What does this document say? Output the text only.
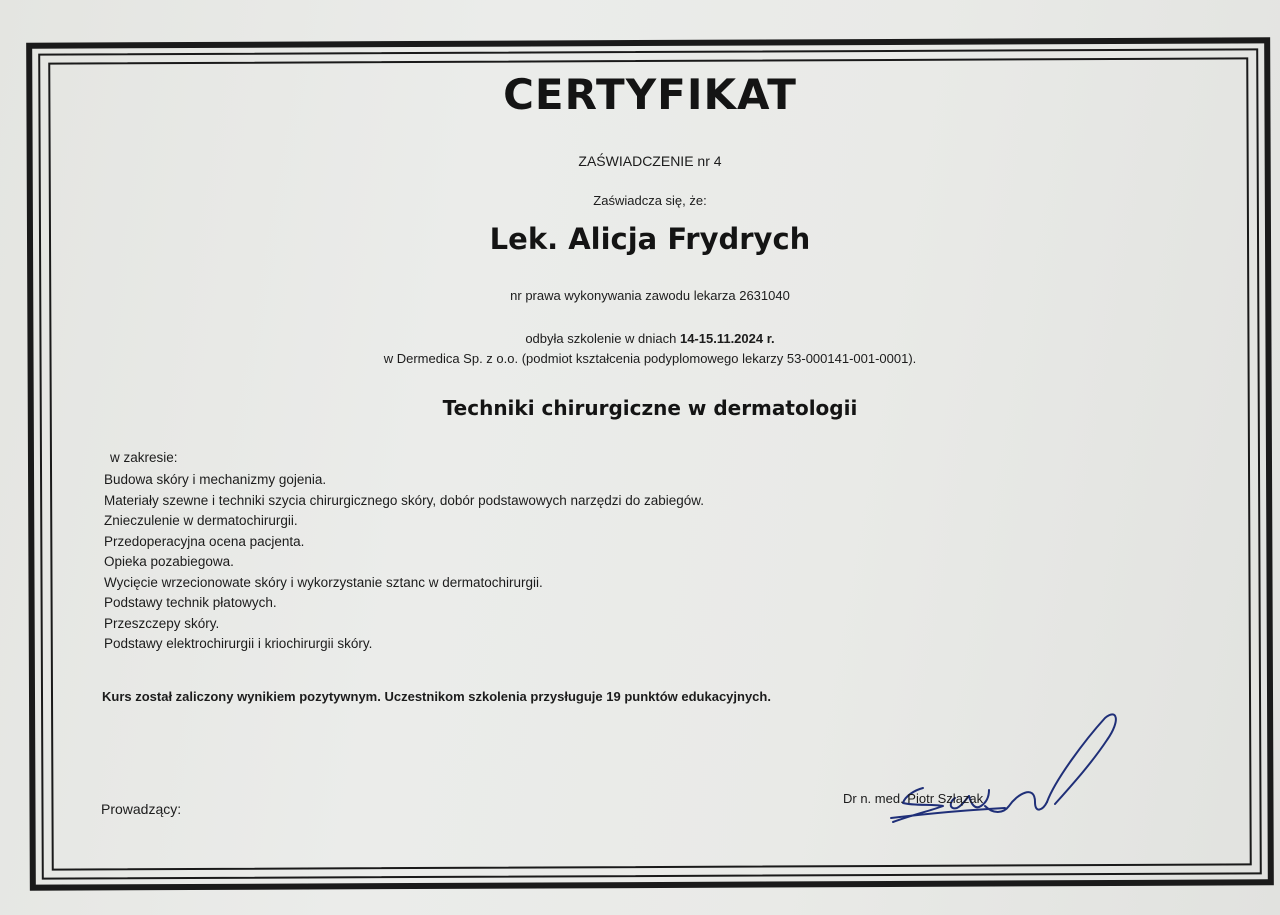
CERTYFIKAT
ZAŚWIADCZENIE nr 4
Zaświadcza się, że:
Lek. Alicja Frydrych
nr prawa wykonywania zawodu lekarza 2631040
odbyła szkolenie w dniach 14-15.11.2024 r.
w Dermedica Sp. z o.o. (podmiot kształcenia podyplomowego lekarzy 53-000141-001-0001).
Techniki chirurgiczne w dermatologii
w zakresie:
Budowa skóry i mechanizmy gojenia.
Materiały szewne i techniki szycia chirurgicznego skóry, dobór podstawowych narzędzi do zabiegów.
Znieczulenie w dermatochirurgii.
Przedoperacyjna ocena pacjenta.
Opieka pozabiegowa.
Wycięcie wrzecionowate skóry i wykorzystanie sztanc w dermatochirurgii.
Podstawy technik płatowych.
Przeszczepy skóry.
Podstawy elektrochirurgii i kriochirurgii skóry.
Kurs został zaliczony wynikiem pozytywnym. Uczestnikom szkolenia przysługuje 19 punktów edukacyjnych.
Prowadzący:
Dr n. med. Piotr Szlązak
